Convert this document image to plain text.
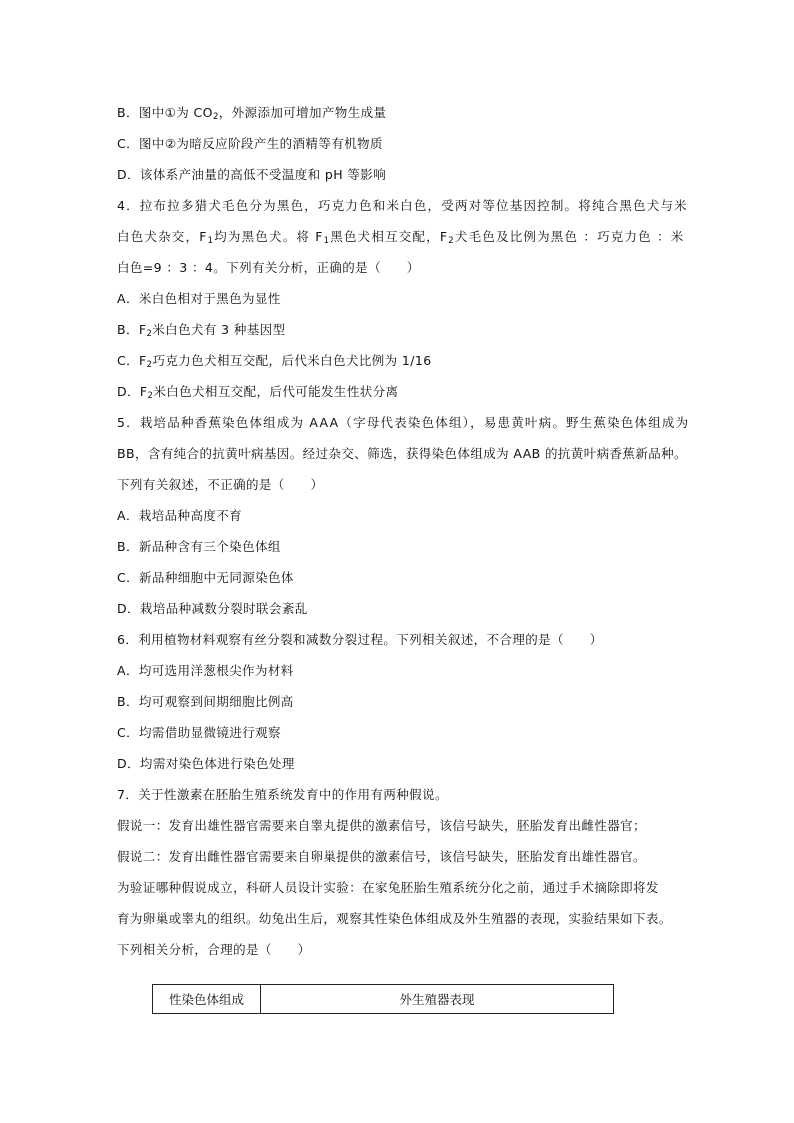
B．图中①为 $CO_2$，外源添加可增加产物生成量
C．图中②为暗反应阶段产生的酒精等有机物质
D．该体系产油量的高低不受温度和 pH 等影响
4．拉布拉多猎犬毛色分为黑色，巧克力色和米白色，受两对等位基因控制。将纯合黑色犬与米
白色犬杂交，$F_1$均为黑色犬。将 $F_1$黑色犬相互交配，$F_2$犬毛色及比例为黑色 ：巧克力色 ：米
白色=9 ：3 ：4。下列有关分析，正确的是（　　）
A．米白色相对于黑色为显性
B．$F_2$米白色犬有 3 种基因型
C．$F_2$巧克力色犬相互交配，后代米白色犬比例为 1/16
D．$F_2$米白色犬相互交配，后代可能发生性状分离
5．栽培品种香蕉染色体组成为 AAA（字母代表染色体组），易患黄叶病。野生蕉染色体组成为
BB，含有纯合的抗黄叶病基因。经过杂交、筛选，获得染色体组成为 AAB 的抗黄叶病香蕉新品种。
下列有关叙述，不正确的是（　　）
A．栽培品种高度不育
B．新品种含有三个染色体组
C．新品种细胞中无同源染色体
D．栽培品种减数分裂时联会紊乱
6．利用植物材料观察有丝分裂和减数分裂过程。下列相关叙述，不合理的是（　　）
A．均可选用洋葱根尖作为材料
B．均可观察到间期细胞比例高
C．均需借助显微镜进行观察
D．均需对染色体进行染色处理
7．关于性激素在胚胎生殖系统发育中的作用有两种假说。
假说一：发育出雄性器官需要来自睾丸提供的激素信号，该信号缺失，胚胎发育出雌性器官；
假说二：发育出雌性器官需要来自卵巢提供的激素信号，该信号缺失，胚胎发育出雄性器官。
为验证哪种假说成立，科研人员设计实验：在家兔胚胎生殖系统分化之前，通过手术摘除即将发
育为卵巢或睾丸的组织。幼兔出生后，观察其性染色体组成及外生殖器的表现，实验结果如下表。
下列相关分析，合理的是（　　）
性染色体组成	外生殖器表现
